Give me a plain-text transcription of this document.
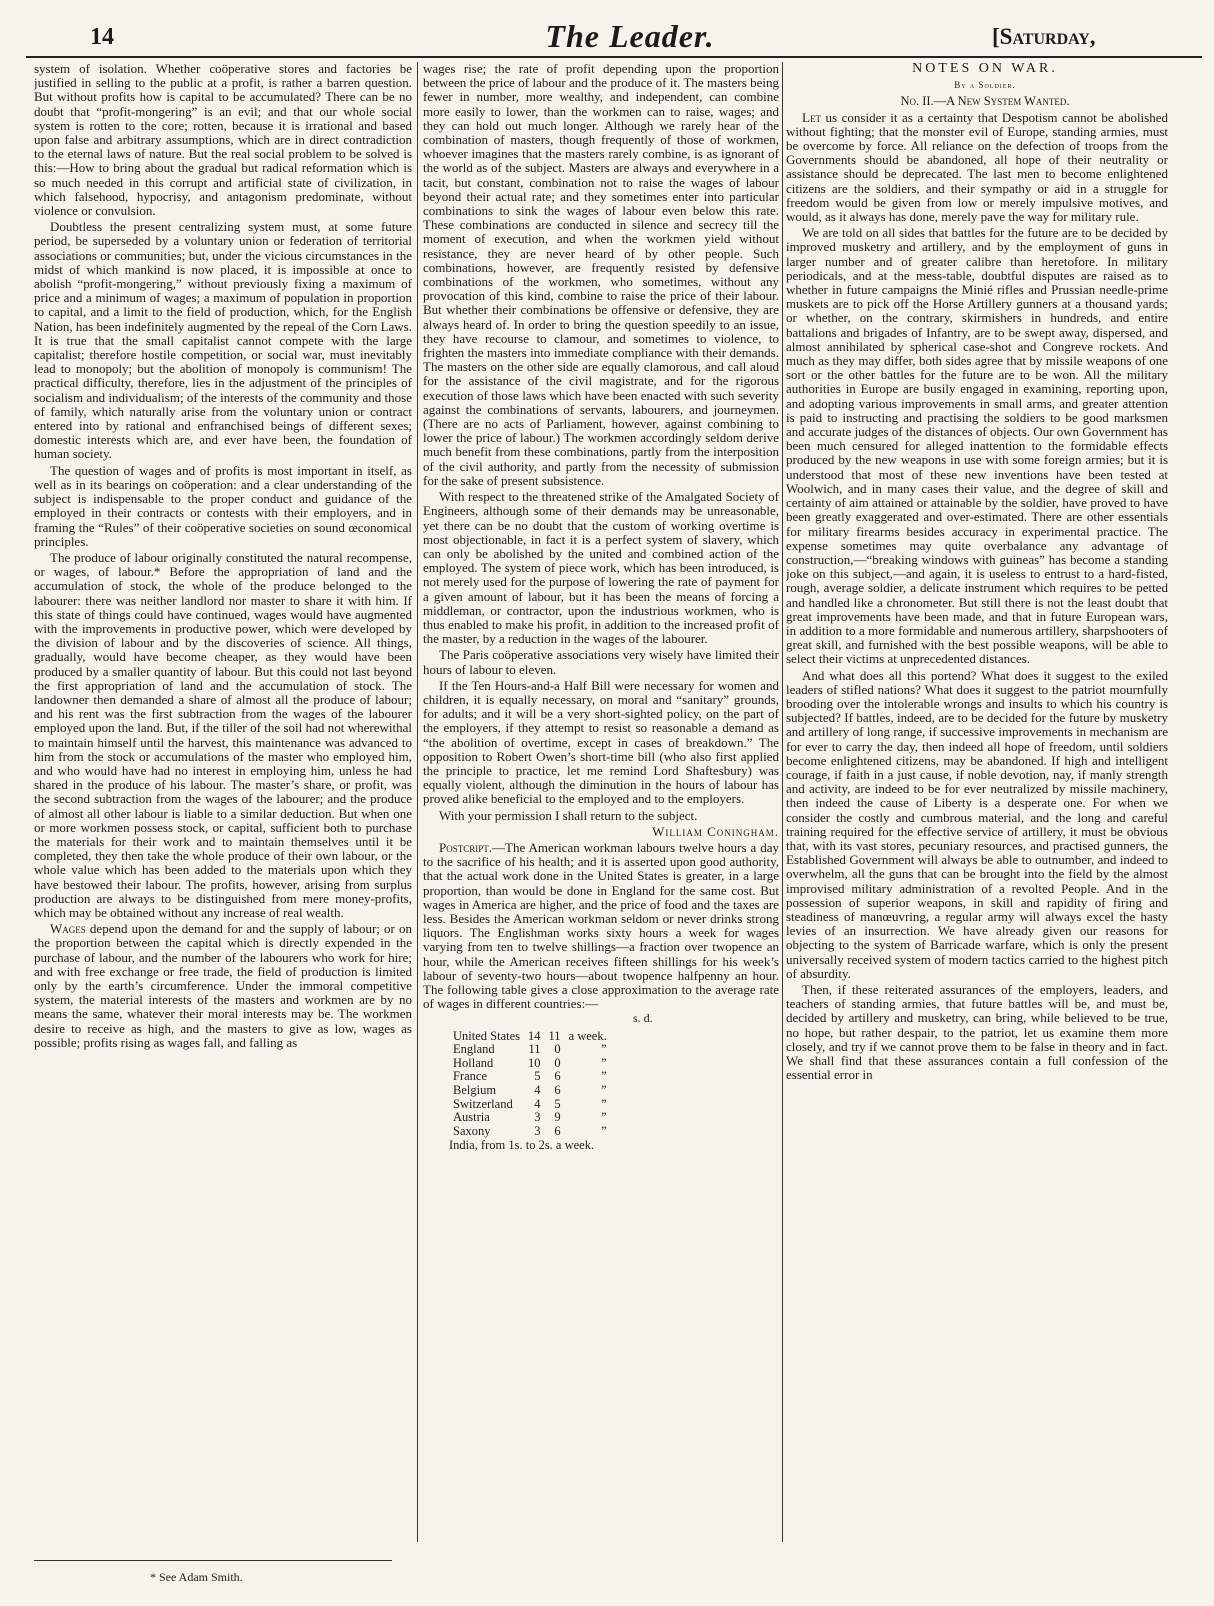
14	The Leader.	[Saturday,

system of isolation. Whether coöperative stores and factories be justified in selling to the public at a profit, is rather a barren question. But without profits how is capital to be accumulated? There can be no doubt that “profit-mongering” is an evil; and that our whole social system is rotten to the core; rotten, because it is irrational and based upon false and arbitrary assumptions, which are in direct contradiction to the eternal laws of nature. But the real social problem to be solved is this:—How to bring about the gradual but radical reformation which is so much needed in this corrupt and artificial state of civilization, in which falsehood, hypocrisy, and antagonism predominate, without violence or convulsion.

Doubtless the present centralizing system must, at some future period, be superseded by a voluntary union or federation of territorial associations or communities; but, under the vicious circumstances in the midst of which mankind is now placed, it is impossible at once to abolish “profit-mongering,” without previously fixing a maximum of price and a minimum of wages; a maximum of population in proportion to capital, and a limit to the field of production, which, for the English Nation, has been indefinitely augmented by the repeal of the Corn Laws. It is true that the small capitalist cannot compete with the large capitalist; therefore hostile competition, or social war, must inevitably lead to monopoly; but the abolition of monopoly is communism! The practical difficulty, therefore, lies in the adjustment of the principles of socialism and individualism; of the interests of the community and those of family, which naturally arise from the voluntary union or contract entered into by rational and enfranchised beings of different sexes; domestic interests which are, and ever have been, the foundation of human society.

The question of wages and of profits is most important in itself, as well as in its bearings on coöperation: and a clear understanding of the subject is indispensable to the proper conduct and guidance of the employed in their contracts or contests with their employers, and in framing the “Rules” of their coöperative societies on sound œconomical principles.

The produce of labour originally constituted the natural recompense, or wages, of labour.* Before the appropriation of land and the accumulation of stock, the whole of the produce belonged to the labourer: there was neither landlord nor master to share it with him. If this state of things could have continued, wages would have augmented with the improvements in productive power, which were developed by the division of labour and by the discoveries of science. All things, gradually, would have become cheaper, as they would have been produced by a smaller quantity of labour. But this could not last beyond the first appropriation of land and the accumulation of stock. The landowner then demanded a share of almost all the produce of labour; and his rent was the first subtraction from the wages of the labourer employed upon the land. But, if the tiller of the soil had not wherewithal to maintain himself until the harvest, this maintenance was advanced to him from the stock or accumulations of the master who employed him, and who would have had no interest in employing him, unless he had shared in the produce of his labour. The master’s share, or profit, was the second subtraction from the wages of the labourer; and the produce of almost all other labour is liable to a similar deduction. But when one or more workmen possess stock, or capital, sufficient both to purchase the materials for their work and to maintain themselves until it be completed, they then take the whole produce of their own labour, or the whole value which has been added to the materials upon which they have bestowed their labour. The profits, however, arising from surplus production are always to be distinguished from mere money-profits, which may be obtained without any increase of real wealth.

Wages depend upon the demand for and the supply of labour; or on the proportion between the capital which is directly expended in the purchase of labour, and the number of the labourers who work for hire; and with free exchange or free trade, the field of production is limited only by the earth’s circumference. Under the immoral competitive system, the material interests of the masters and workmen are by no means the same, whatever their moral interests may be. The workmen desire to receive as high, and the masters to give as low, wages as possible; profits rising as wages fall, and falling as

* See Adam Smith.

wages rise; the rate of profit depending upon the proportion between the price of labour and the produce of it. The masters being fewer in number, more wealthy, and independent, can combine more easily to lower, than the workmen can to raise, wages; and they can hold out much longer. Although we rarely hear of the combination of masters, though frequently of those of workmen, whoever imagines that the masters rarely combine, is as ignorant of the world as of the subject. Masters are always and everywhere in a tacit, but constant, combination not to raise the wages of labour beyond their actual rate; and they sometimes enter into particular combinations to sink the wages of labour even below this rate. These combinations are conducted in silence and secrecy till the moment of execution, and when the workmen yield without resistance, they are never heard of by other people. Such combinations, however, are frequently resisted by defensive combinations of the workmen, who sometimes, without any provocation of this kind, combine to raise the price of their labour. But whether their combinations be offensive or defensive, they are always heard of. In order to bring the question speedily to an issue, they have recourse to clamour, and sometimes to violence, to frighten the masters into immediate compliance with their demands. The masters on the other side are equally clamorous, and call aloud for the assistance of the civil magistrate, and for the rigorous execution of those laws which have been enacted with such severity against the combinations of servants, labourers, and journeymen. (There are no acts of Parliament, however, against combining to lower the price of labour.) The workmen accordingly seldom derive much benefit from these combinations, partly from the interposition of the civil authority, and partly from the necessity of submission for the sake of present subsistence.

With respect to the threatened strike of the Amalgated Society of Engineers, although some of their demands may be unreasonable, yet there can be no doubt that the custom of working overtime is most objectionable, in fact it is a perfect system of slavery, which can only be abolished by the united and combined action of the employed. The system of piece work, which has been introduced, is not merely used for the purpose of lowering the rate of payment for a given amount of labour, but it has been the means of forcing a middleman, or contractor, upon the industrious workmen, who is thus enabled to make his profit, in addition to the increased profit of the master, by a reduction in the wages of the labourer.

The Paris coöperative associations very wisely have limited their hours of labour to eleven.

If the Ten Hours-and-a Half Bill were necessary for women and children, it is equally necessary, on moral and “sanitary” grounds, for adults; and it will be a very short-sighted policy, on the part of the employers, if they attempt to resist so reasonable a demand as “the abolition of overtime, except in cases of breakdown.” The opposition to Robert Owen’s short-time bill (who also first applied the principle to practice, let me remind Lord Shaftesbury) was equally violent, although the diminution in the hours of labour has proved alike beneficial to the employed and to the employers.

With your permission I shall return to the subject.

William Coningham.

Postcript.—The American workman labours twelve hours a day to the sacrifice of his health; and it is asserted upon good authority, that the actual work done in the United States is greater, in a large proportion, than would be done in England for the same cost. But wages in America are higher, and the price of food and the taxes are less. Besides the American workman seldom or never drinks strong liquors. The Englishman works sixty hours a week for wages varying from ten to twelve shillings—a fraction over twopence an hour, while the American receives fifteen shillings for his week’s labour of seventy-two hours—about twopence halfpenny an hour. The following table gives a close approximation to the average rate of wages in different countries:—

s. d.
United States	14	11	a week.
England	11	0	”
Holland	10	0	”
France	5	6	”
Belgium	4	6	”
Switzerland	4	5	”
Austria	3	9	”
Saxony	3	6	”
India, from 1s. to 2s. a week.

NOTES ON WAR.

By a Soldier.

No. II.—A New System Wanted.

Let us consider it as a certainty that Despotism cannot be abolished without fighting; that the monster evil of Europe, standing armies, must be overcome by force. All reliance on the defection of troops from the Governments should be abandoned, all hope of their neutrality or assistance should be deprecated. The last men to become enlightened citizens are the soldiers, and their sympathy or aid in a struggle for freedom would be given from low or merely impulsive motives, and would, as it always has done, merely pave the way for military rule.

We are told on all sides that battles for the future are to be decided by improved musketry and artillery, and by the employment of guns in larger number and of greater calibre than heretofore. In military periodicals, and at the mess-table, doubtful disputes are raised as to whether in future campaigns the Minié rifles and Prussian needle-prime muskets are to pick off the Horse Artillery gunners at a thousand yards; or whether, on the contrary, skirmishers in hundreds, and entire battalions and brigades of Infantry, are to be swept away, dispersed, and almost annihilated by spherical case-shot and Congreve rockets. And much as they may differ, both sides agree that by missile weapons of one sort or the other battles for the future are to be won. All the military authorities in Europe are busily engaged in examining, reporting upon, and adopting various improvements in small arms, and greater attention is paid to instructing and practising the soldiers to be good marksmen and accurate judges of the distances of objects. Our own Government has been much censured for alleged inattention to the formidable effects produced by the new weapons in use with some foreign armies; but it is understood that most of these new inventions have been tested at Woolwich, and in many cases their value, and the degree of skill and certainty of aim attained or attainable by the soldier, have proved to have been greatly exaggerated and over-estimated. There are other essentials for military firearms besides accuracy in experimental practice. The expense sometimes may quite overbalance any advantage of construction,—“breaking windows with guineas” has become a standing joke on this subject,—and again, it is useless to entrust to a hard-fisted, rough, average soldier, a delicate instrument which requires to be petted and handled like a chronometer. But still there is not the least doubt that great improvements have been made, and that in future European wars, in addition to a more formidable and numerous artillery, sharpshooters of great skill, and furnished with the best possible weapons, will be able to select their victims at unprecedented distances.

And what does all this portend? What does it suggest to the exiled leaders of stifled nations? What does it suggest to the patriot mournfully brooding over the intolerable wrongs and insults to which his country is subjected? If battles, indeed, are to be decided for the future by musketry and artillery of long range, if successive improvements in mechanism are for ever to carry the day, then indeed all hope of freedom, until soldiers become enlightened citizens, may be abandoned. If high and intelligent courage, if faith in a just cause, if noble devotion, nay, if manly strength and activity, are indeed to be for ever neutralized by missile machinery, then indeed the cause of Liberty is a desperate one. For when we consider the costly and cumbrous material, and the long and careful training required for the effective service of artillery, it must be obvious that, with its vast stores, pecuniary resources, and practised gunners, the Established Government will always be able to outnumber, and indeed to overwhelm, all the guns that can be brought into the field by the almost improvised military administration of a revolted People. And in the possession of superior weapons, in skill and rapidity of firing and steadiness of manœuvring, a regular army will always excel the hasty levies of an insurrection. We have already given our reasons for objecting to the system of Barricade warfare, which is only the present universally received system of modern tactics carried to the highest pitch of absurdity.

Then, if these reiterated assurances of the employers, leaders, and teachers of standing armies, that future battles will be, and must be, decided by artillery and musketry, can bring, while believed to be true, no hope, but rather despair, to the patriot, let us examine them more closely, and try if we cannot prove them to be false in theory and in fact. We shall find that these assurances contain a full confession of the essential error in
